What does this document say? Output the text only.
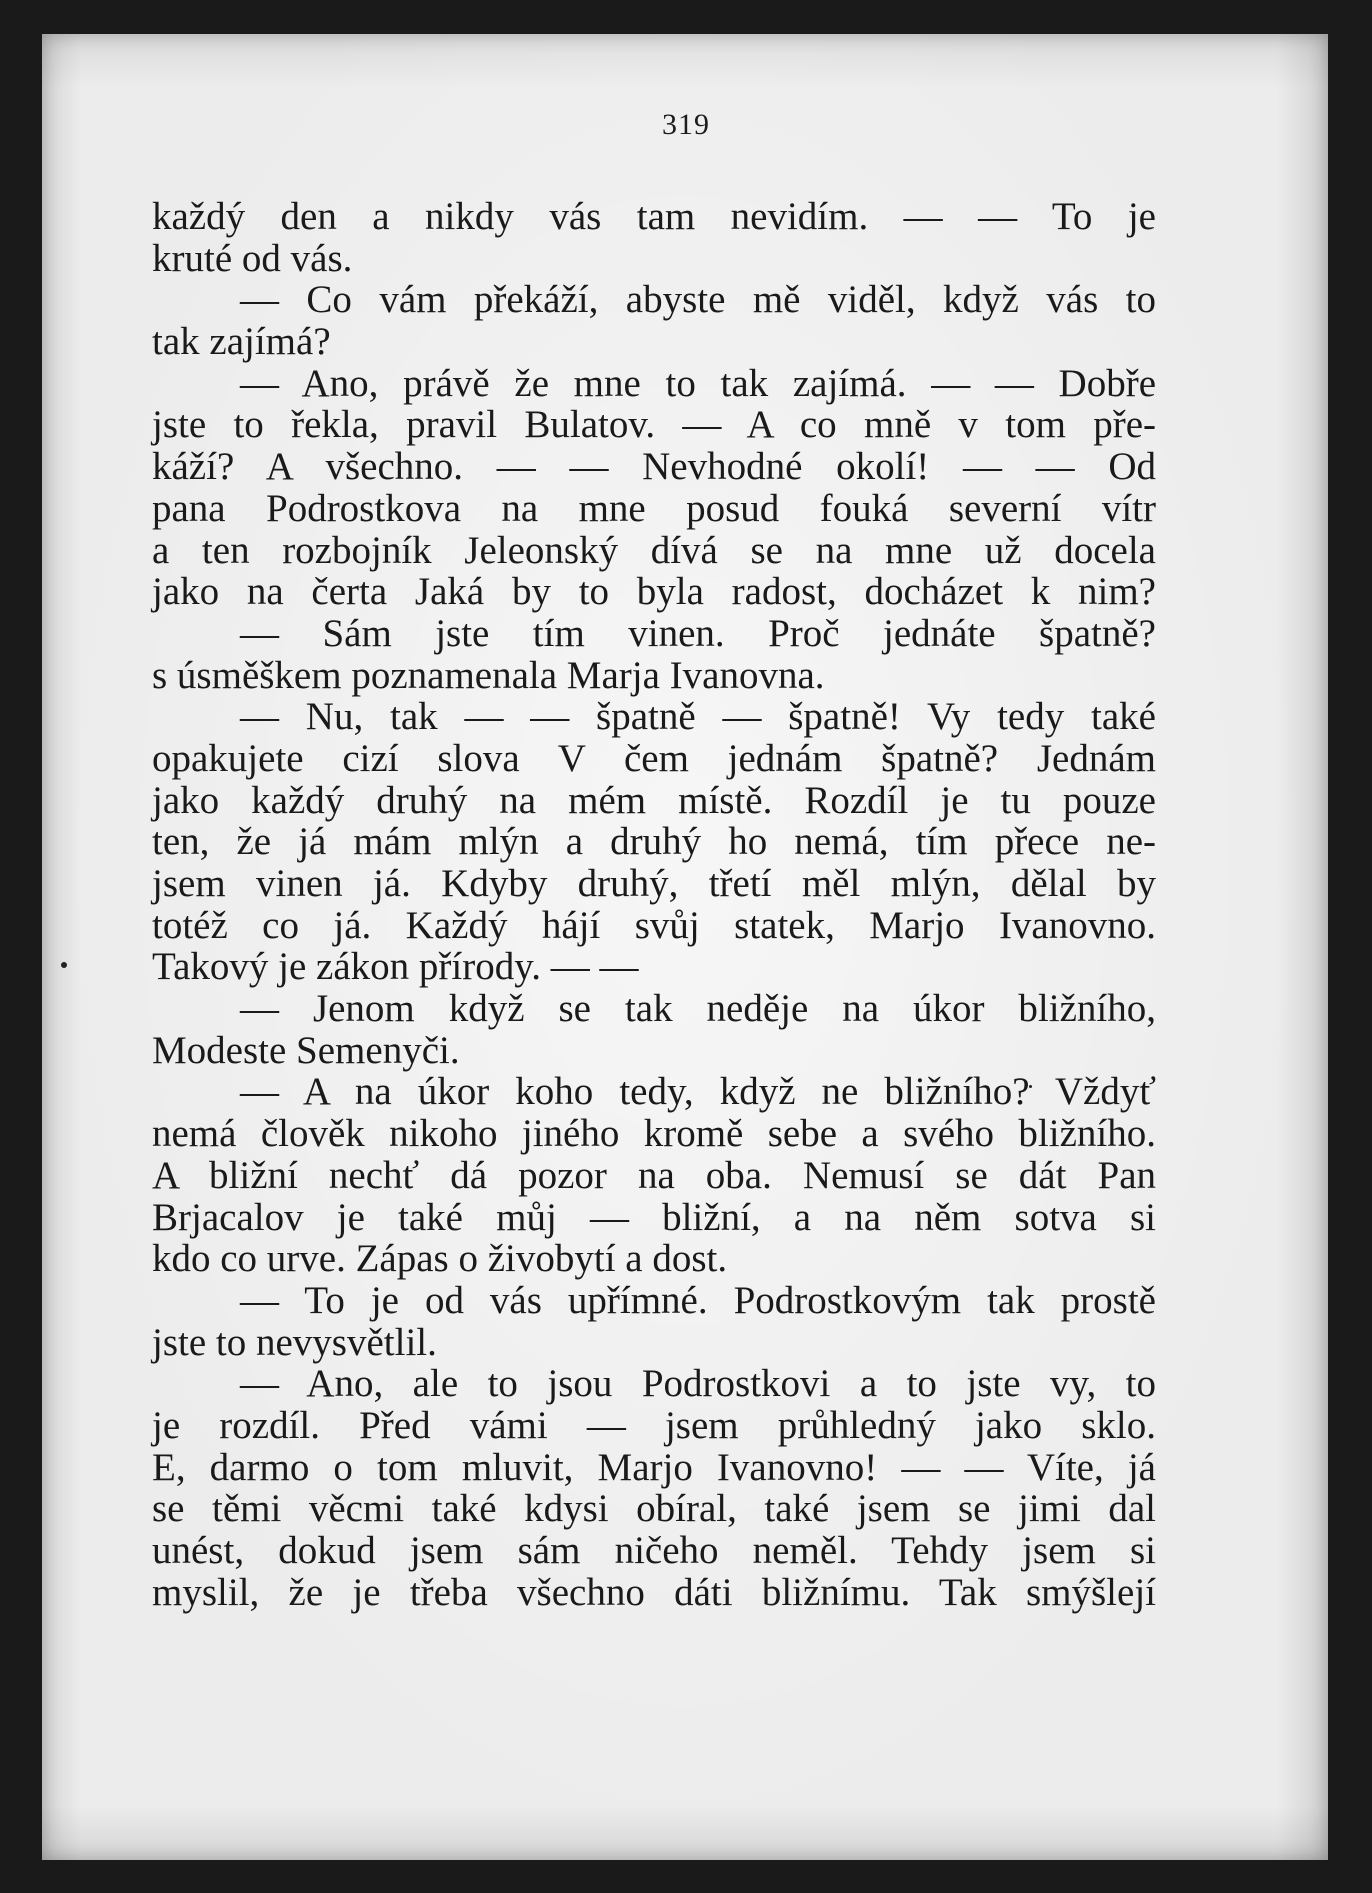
319
každý den a nikdy vás tam nevidím. — — To je
kruté od vás.
— Co vám překáží, abyste mě viděl, když vás to
tak zajímá?
— Ano, právě že mne to tak zajímá. — — Dobře
jste to řekla, pravil Bulatov. — A co mně v tom pře-
káží? A všechno. — — Nevhodné okolí! — — Od
pana Podrostkova na mne posud fouká severní vítr
a ten rozbojník Jeleonský dívá se na mne už docela
jako na čerta Jaká by to byla radost, docházet k nim?
— Sám jste tím vinen. Proč jednáte špatně?
s úsměškem poznamenala Marja Ivanovna.
— Nu, tak — — špatně — špatně! Vy tedy také
opakujete cizí slova V čem jednám špatně? Jednám
jako každý druhý na mém místě. Rozdíl je tu pouze
ten, že já mám mlýn a druhý ho nemá, tím přece ne-
jsem vinen já. Kdyby druhý, třetí měl mlýn, dělal by
totéž co já. Každý hájí svůj statek, Marjo Ivanovno.
Takový je zákon přírody. — —
— Jenom když se tak neděje na úkor bližního,
Modeste Semenyči.
— A na úkor koho tedy, když ne bližního? Vždyť
nemá člověk nikoho jiného kromě sebe a svého bližního.
A bližní nechť dá pozor na oba. Nemusí se dát Pan
Brjacalov je také můj — bližní, a na něm sotva si
kdo co urve. Zápas o živobytí a dost.
— To je od vás upřímné. Podrostkovým tak prostě
jste to nevysvětlil.
— Ano, ale to jsou Podrostkovi a to jste vy, to
je rozdíl. Před vámi — jsem průhledný jako sklo.
E, darmo o tom mluvit, Marjo Ivanovno! — — Víte, já
se těmi věcmi také kdysi obíral, také jsem se jimi dal
unést, dokud jsem sám ničeho neměl. Tehdy jsem si
myslil, že je třeba všechno dáti bližnímu. Tak smýšlejí
